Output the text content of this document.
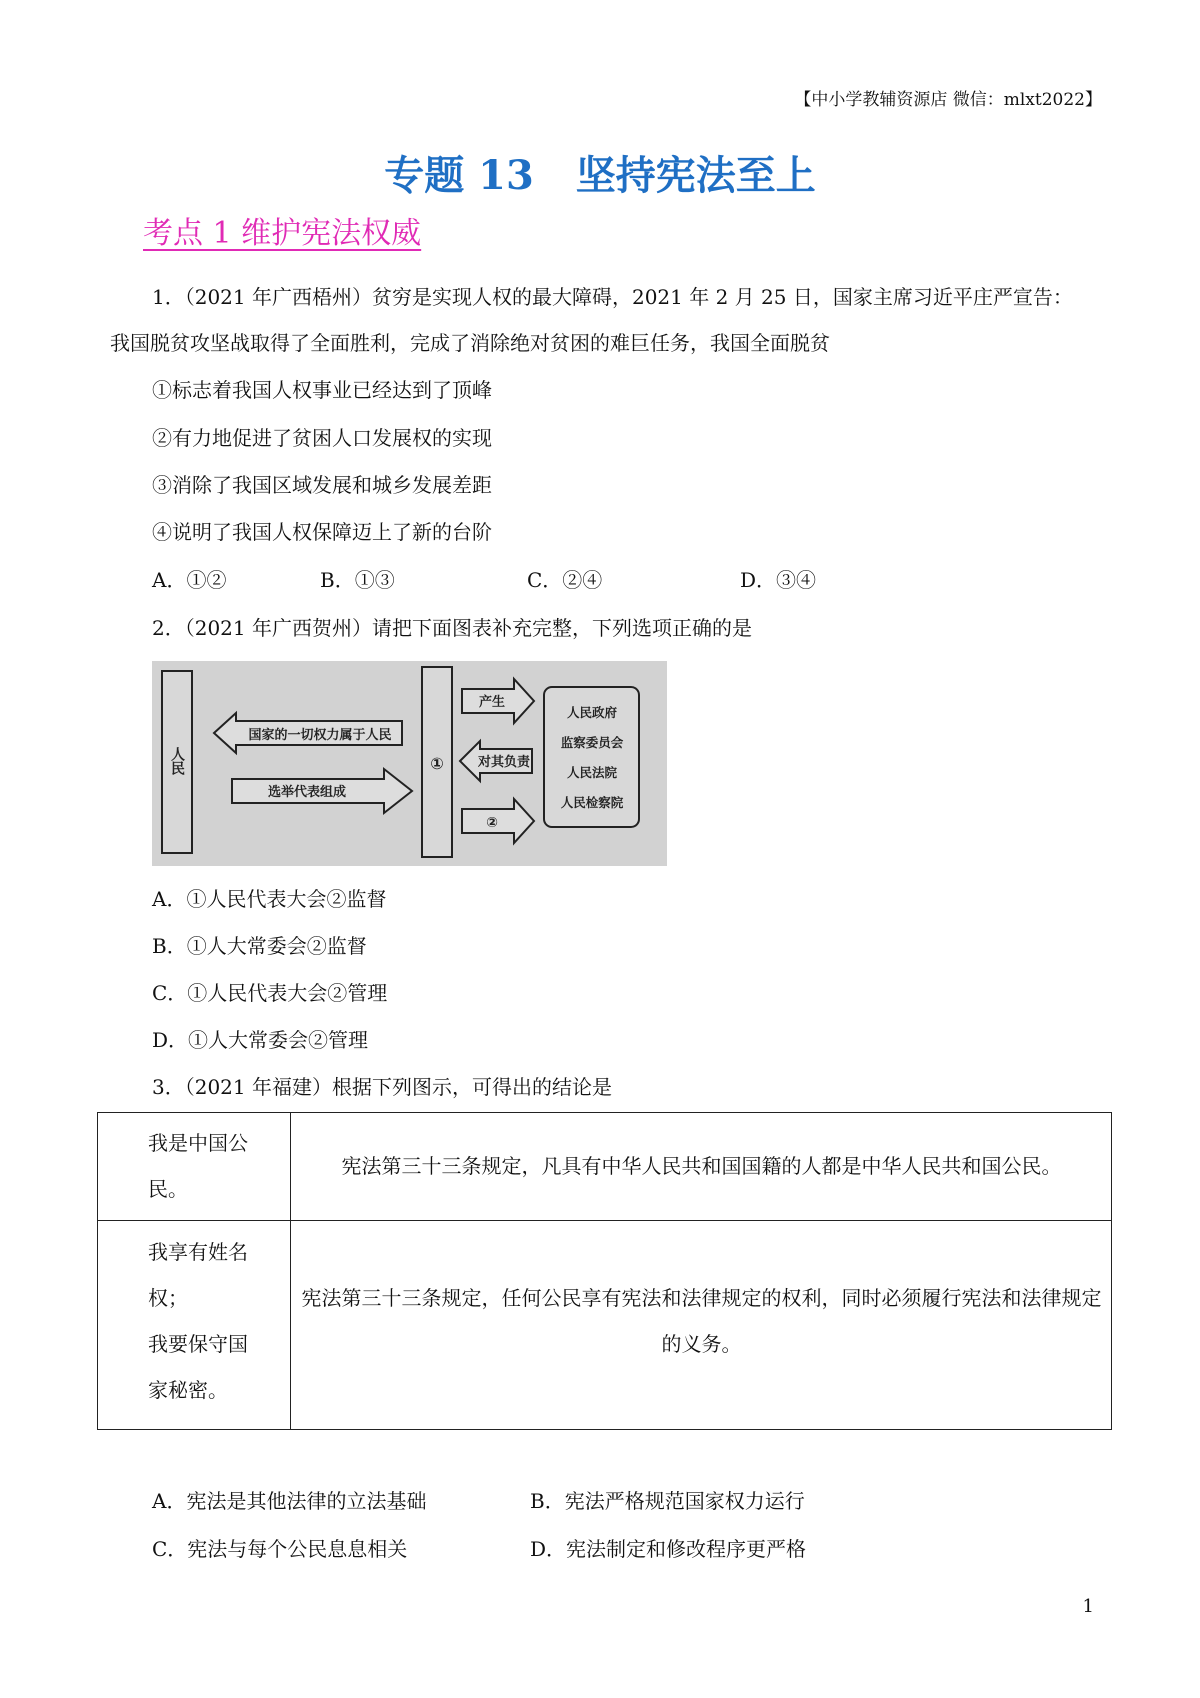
【中小学教辅资源店 微信：mlxt2022】
专题 13 坚持宪法至上
考点 1 维护宪法权威
1．（2021 年广西梧州）贫穷是实现人权的最大障碍，2021 年 2 月 25 日，国家主席习近平庄严宣告：
我国脱贫攻坚战取得了全面胜利，完成了消除绝对贫困的难巨任务，我国全面脱贫
①标志着我国人权事业已经达到了顶峰
②有力地促进了贫困人口发展权的实现
③消除了我国区域发展和城乡发展差距
④说明了我国人权保障迈上了新的台阶
A．①②	B．①③	C．②④	D．③④
2．（2021 年广西贺州）请把下面图表补充完整，下列选项正确的是
人民
国家的一切权力属于人民
选举代表组成
①
产生
对其负责
②
人民政府
监察委员会
人民法院
人民检察院
A．①人民代表大会②监督
B．①人大常委会②监督
C．①人民代表大会②管理
D．①人大常委会②管理
3．（2021 年福建）根据下列图示，可得出的结论是
我是中国公民。
宪法第三十三条规定，凡具有中华人民共和国国籍的人都是中华人民共和国公民。
我享有姓名权；
我要保守国家秘密。
宪法第三十三条规定，任何公民享有宪法和法律规定的权利，同时必须履行宪法和法律规定的义务。
A．宪法是其他法律的立法基础	B．宪法严格规范国家权力运行
C．宪法与每个公民息息相关	D．宪法制定和修改程序更严格
1
